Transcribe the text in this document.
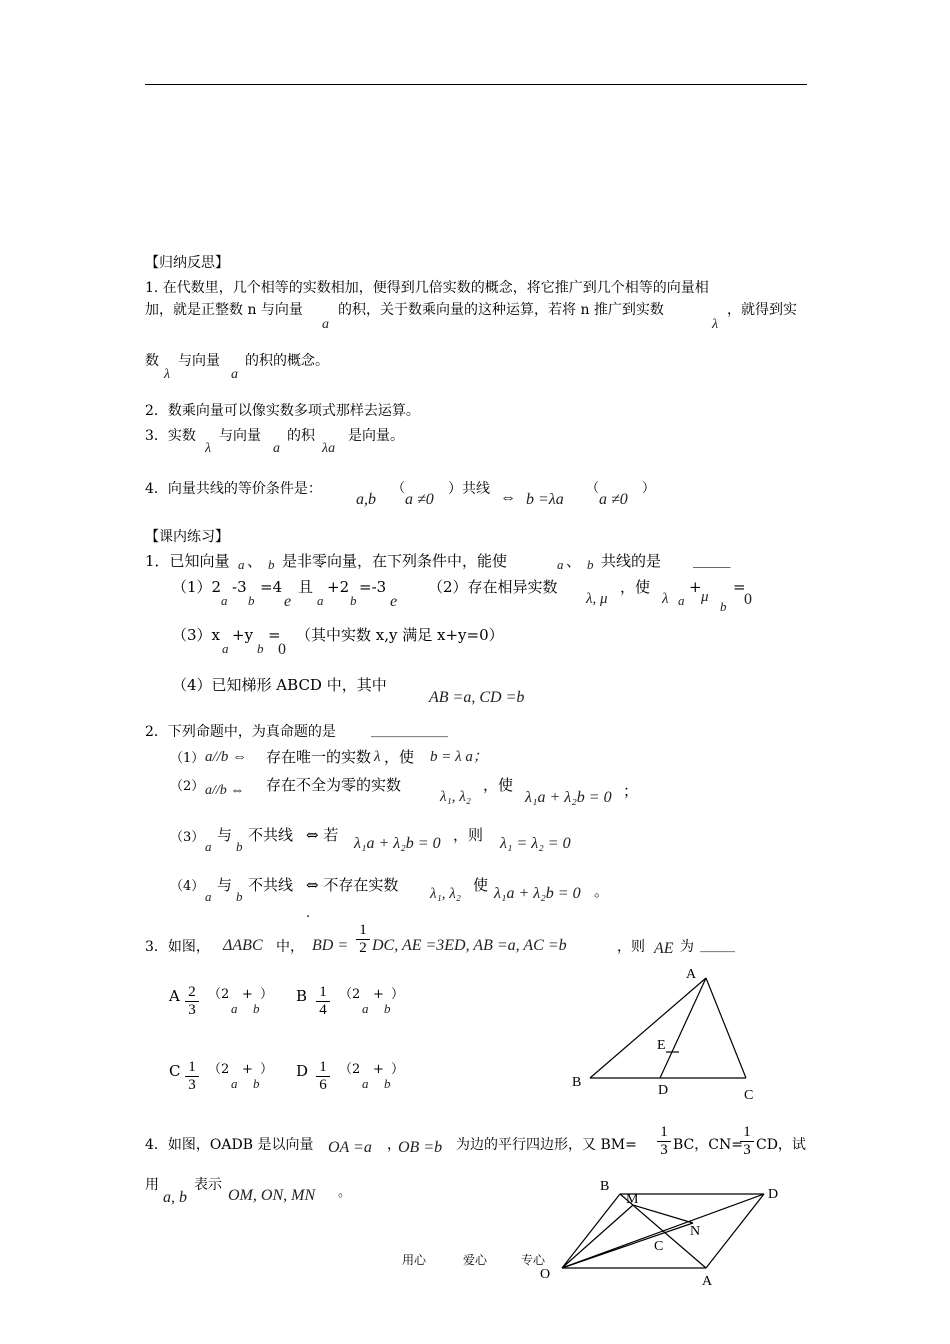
【归纳反思】
1. 在代数里，几个相等的实数相加，便得到几倍实数的概念，将它推广到几个相等的向量相
加，就是正整数 n 与向量
a
的积，关于数乘向量的这种运算，若将 n 推广到实数
λ
，就得到实
数
λ
与向量
a
的积的概念。
2．数乘向量可以像实数多项式那样去运算。
3．实数
λ
与向量
a
的积
λa
是向量。
4．向量共线的等价条件是：
a,b
（
a ≠0
）共线 ⇔ b =λa
（
a ≠0
）
【课内练习】
1．已知向量 a 、 b 是非零向量，在下列条件中，能使	a 、 b 共线的是 _____
（1）2
a
-3
b
=4
e
且
a
+2
b
=-3
e
（2）存在相异实数
λ, μ
，使
λ a
+
μ
b
=
0
（3）x
a
+y
b
=
0
（其中实数 x,y 满足 x+y=0）
（4）已知梯形 ABCD 中，其中
AB =a, CD =b
2．下列命题中，为真命题的是	___________
（1） a//b ⇔ 存在唯一的实数 λ ，使 b = λ a；
（2） a//b ⇔ 存在不全为零的实数
λ₁, λ₂
，使
λ₁a + λ₂b = 0 ；
（3）
a
与
b
不共线 ⇔ 若 λ₁a + λ₂b = 0 ，则 λ₁ = λ₂ = 0
（4）
a
与
b
不共线 ⇔ 不存在实数 λ₁, λ₂ 使 λ₁a + λ₂b = 0 。
.
3．如图， ΔABC 中， BD =
1
2 DC, AE =3ED, AB =a, AC =b	，则 AE 为 _____
A 2
3
（2
a
+
b
） B 1
4
（2
a
+
b
）
C 1
3
（2
a
+
b
） D 1
6
（2
a
+
b
）
A
B
C
D
E
4．如图，OADB 是以向量 OA =a ，
OB =b 为边的平行四边形，又 BM=
1
3 BC，CN=
1
3 CD，试
用
a, b
表示
OM, ON, MN 。
O	A
B
D
M
N
C
用心	爱心	专心
